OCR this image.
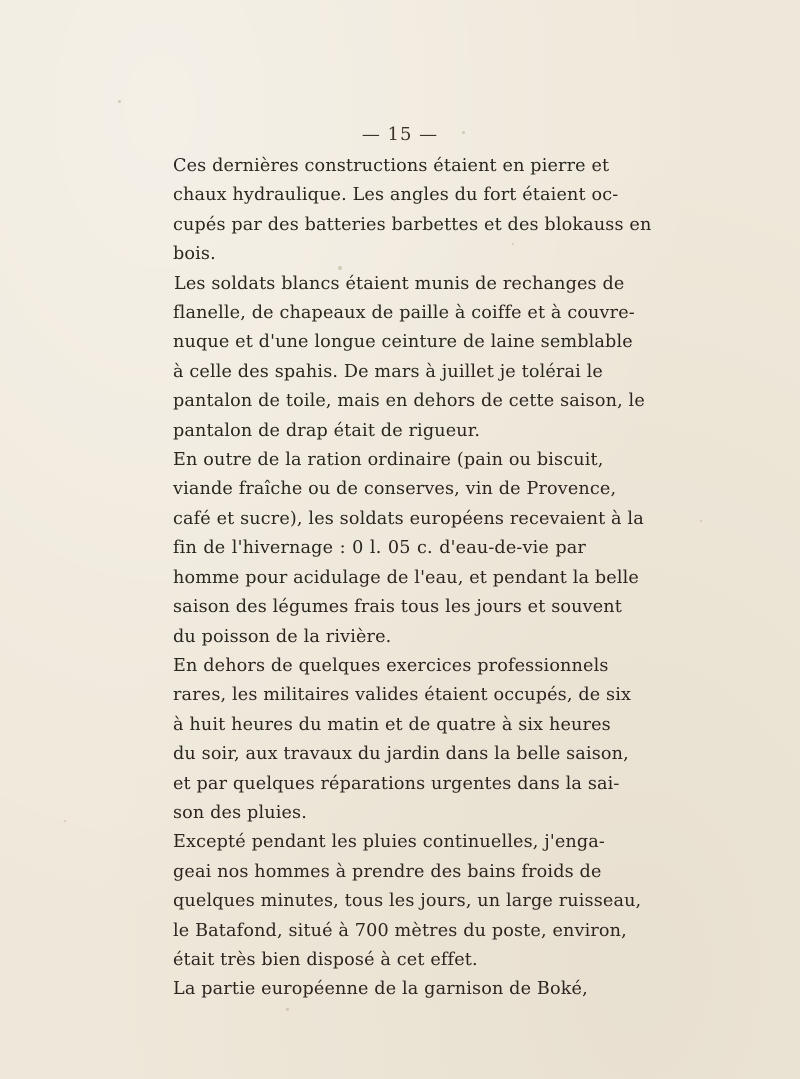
— 15 —

Ces dernières constructions étaient en pierre et
chaux hydraulique. Les angles du fort étaient oc-
cupés par des batteries barbettes et des blokauss en
bois.

Les soldats blancs étaient munis de rechanges de
flanelle, de chapeaux de paille à coiffe et à couvre-
nuque et d'une longue ceinture de laine semblable
à celle des spahis. De mars à juillet je tolérai le
pantalon de toile, mais en dehors de cette saison, le
pantalon de drap était de rigueur.

En outre de la ration ordinaire (pain ou biscuit,
viande fraîche ou de conserves, vin de Provence,
café et sucre), les soldats européens recevaient à la
fin de l'hivernage : 0 l. 05 c. d'eau-de-vie par
homme pour acidulage de l'eau, et pendant la belle
saison des légumes frais tous les jours et souvent
du poisson de la rivière.

En dehors de quelques exercices professionnels
rares, les militaires valides étaient occupés, de six
à huit heures du matin et de quatre à six heures
du soir, aux travaux du jardin dans la belle saison,
et par quelques réparations urgentes dans la sai-
son des pluies.

Excepté pendant les pluies continuelles, j'enga-
geai nos hommes à prendre des bains froids de
quelques minutes, tous les jours, un large ruisseau,
le Batafond, situé à 700 mètres du poste, environ,
était très bien disposé à cet effet.

La partie européenne de la garnison de Boké,
